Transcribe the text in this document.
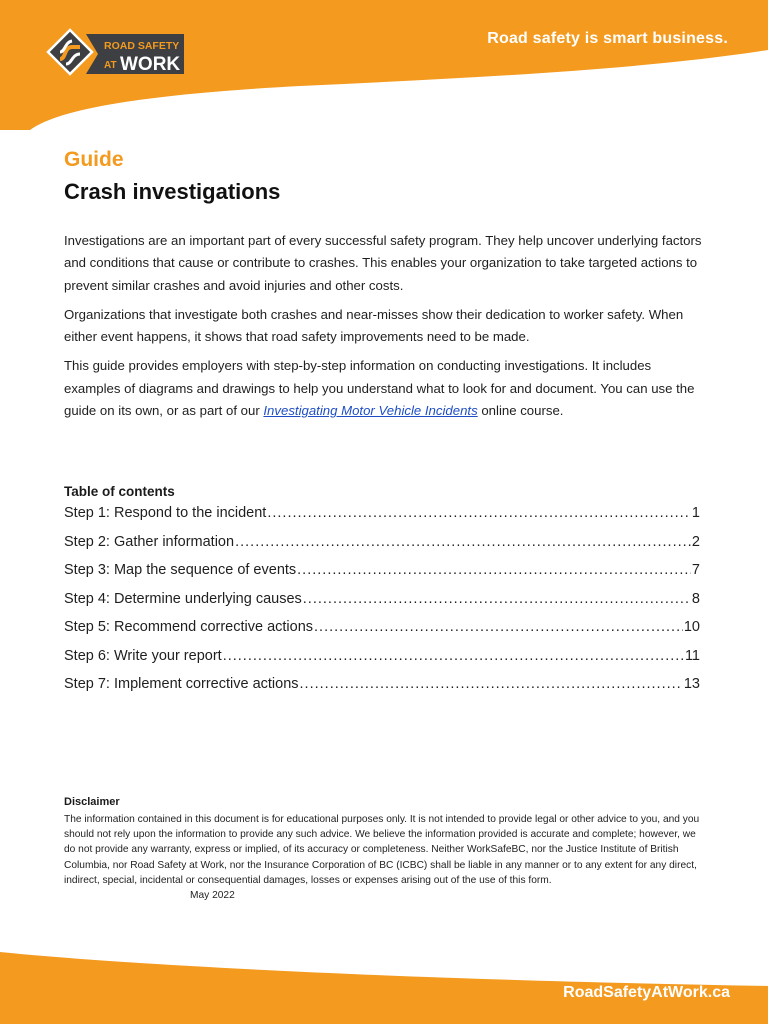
ROAD SAFETY
AT WORK
Road safety is smart business.

Guide

Crash investigations

Investigations are an important part of every successful safety program. They help uncover underlying factors and conditions that cause or contribute to crashes. This enables your organization to take targeted actions to prevent similar crashes and avoid injuries and other costs.

Organizations that investigate both crashes and near-misses show their dedication to worker safety. When either event happens, it shows that road safety improvements need to be made.

This guide provides employers with step-by-step information on conducting investigations. It includes examples of diagrams and drawings to help you understand what to look for and document. You can use the guide on its own, or as part of our Investigating Motor Vehicle Incidents online course.

Table of contents

Step 1: Respond to the incident .....	1
Step 2: Gather information .....	2
Step 3: Map the sequence of events .....	7
Step 4: Determine underlying causes .....	8
Step 5: Recommend corrective actions .....	10
Step 6: Write your report .....	11
Step 7: Implement corrective actions .....	13

Disclaimer

The information contained in this document is for educational purposes only. It is not intended to provide legal or other advice to you, and you should not rely upon the information to provide any such advice. We believe the information provided is accurate and complete; however, we do not provide any warranty, express or implied, of its accuracy or completeness. Neither WorkSafeBC, nor the Justice Institute of British Columbia, nor Road Safety at Work, nor the Insurance Corporation of BC (ICBC) shall be liable in any manner or to any extent for any direct, indirect, special, incidental or consequential damages, losses or expenses arising out of the use of this form.May 2022

RoadSafetyAtWork.ca
